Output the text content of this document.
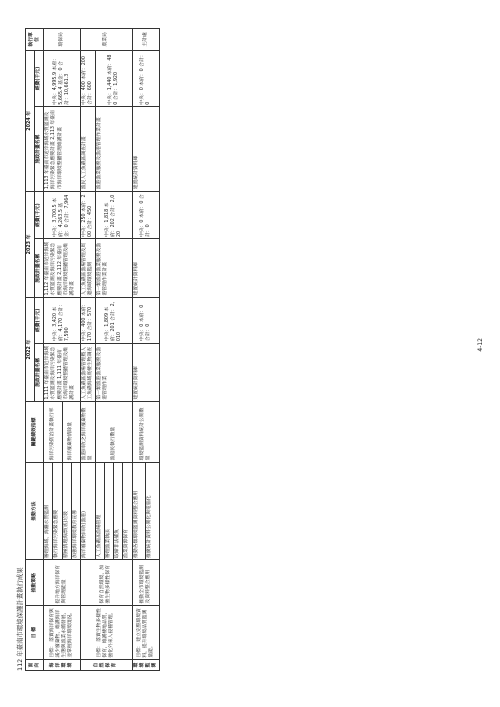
112 年臺南市環境保護計畫執行成果 面 向	目 標	推動策略	推動方法	關鍵績效指標	2022 年		2023 年		2024 年		執行單位
					施政計畫名稱	經費(千元)	施政計畫名稱	經費(千元)	施政計畫名稱	經費(千元)	
海洋環境	目標： 落實海洋保育與減少廢棄物，維護海洋生態與漁業永續發展，並掌握海洋環境現況。	提升地方海洋保育與管理能量	辦理海域、海灘水質監測	海洋污染防治計畫執行率	1,111 年臺南市近岸海域水質監測及海洋污染緊急應變計畫 1,111 年臺南市海洋環境整體管理及維護計畫	中央：3,420 本府：4,170 合計：7,590	1,112 年臺南市近岸海域水質監測及海洋污染緊急應變計畫 2,112 年臺南市海洋環境整體管理及維護計畫	中央：3,700.5 本府：4,263.5 基金：0 合計：7,964	1,113 年臺南市近岸海域水質監測及海洋污染緊急應變計畫 2,113 年臺南市海洋環境整體管理維護計畫	中央：4,995.9 本府：5,665.4 基金：0 合計：10,661.3	環保局
			執行海洋污染緊急應變								
			積極清理海漂(底)垃圾	海洋廢棄物清除量							
			加強海洋環境教育宣導								
自然保育	目標： 落實生物多樣性保育，維護棲地品質，強化外來入侵種管理。	保育自然環境，加強生物多樣性保育	海洋廢棄物回收(漁港)	漁港回收之海洋廢棄物數量	人工魚礁區漁場管理暨人工魚礁海域底棲生物調查	中央：400 本府：170 合計：570	人工魚礁區漁場管理及周邊海域環境監測	中央：250 本府：200 合計：450	漁民人工魚礁區調查計畫	中央：400 本府：200 合計：600	農業局
			人工魚礁區漁場管理	漁船民執行數量	第一類漁港漁業服務及漁港管理作業	中央：1,809 本府：201 合計：2,010	第一類漁港漁業服務及漁港管理作業計畫	中央：1,818 本府：202 合計：2,020	漁港漁業服務及漁港管理作業計畫	中央：1,440 本府：480 合計：1,920	
			辦理漁業執法								
			取締非法捕魚								
			漁業資源保育								
環境監測	目標： 建立完整環境資料，提升環境品質監測量能。	推動全市環境監測及資料整合應用	推動各類環境監測資料整合應用	環境監測資料統計公開數量	建置統計資料庫	中央：0 本府：0 合計：0	建置統計資料庫	中央：0 本府：0 合計：0	建置統計資料庫	中央：0 本府：0 合計：0	主計處
			推廣統計資料公開化與電腦化								
4-12
